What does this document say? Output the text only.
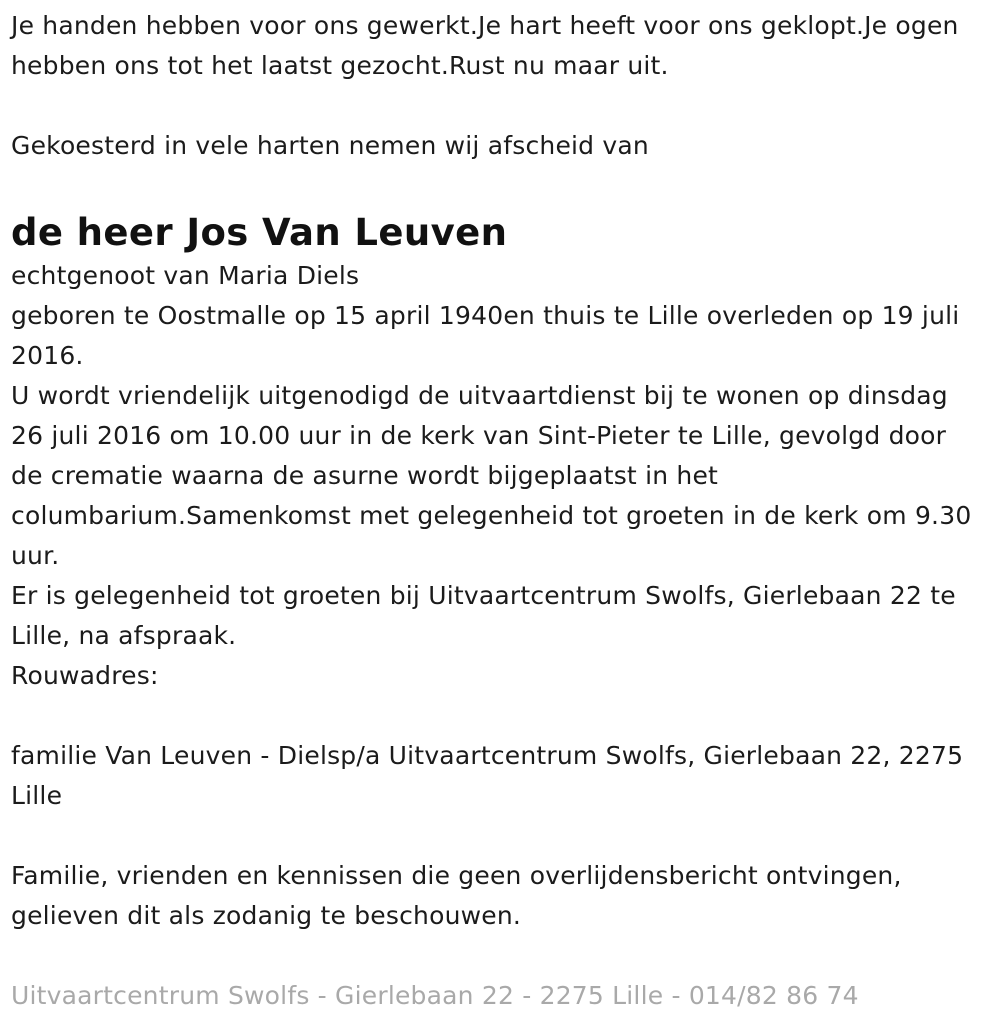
Je handen hebben voor ons gewerkt.Je hart heeft voor ons geklopt.Je ogen hebben ons tot het laatst gezocht.Rust nu maar uit.

Gekoesterd in vele harten nemen wij afscheid van

de heer Jos Van Leuven

echtgenoot van Maria Diels

geboren te Oostmalle op 15 april 1940en thuis te Lille overleden op 19 juli 2016.

U wordt vriendelijk uitgenodigd de uitvaartdienst bij te wonen op dinsdag 26 juli 2016 om 10.00 uur in de kerk van Sint-Pieter te Lille, gevolgd door de crematie waarna de asurne wordt bijgeplaatst in het columbarium.Samenkomst met gelegenheid tot groeten in de kerk om 9.30 uur.

Er is gelegenheid tot groeten bij Uitvaartcentrum Swolfs, Gierlebaan 22 te Lille, na afspraak.

Rouwadres:

familie Van Leuven - Dielsp/a Uitvaartcentrum Swolfs, Gierlebaan 22, 2275 Lille

Familie, vrienden en kennissen die geen overlijdensbericht ontvingen, gelieven dit als zodanig te beschouwen.

Uitvaartcentrum Swolfs - Gierlebaan 22 - 2275 Lille - 014/82 86 74
